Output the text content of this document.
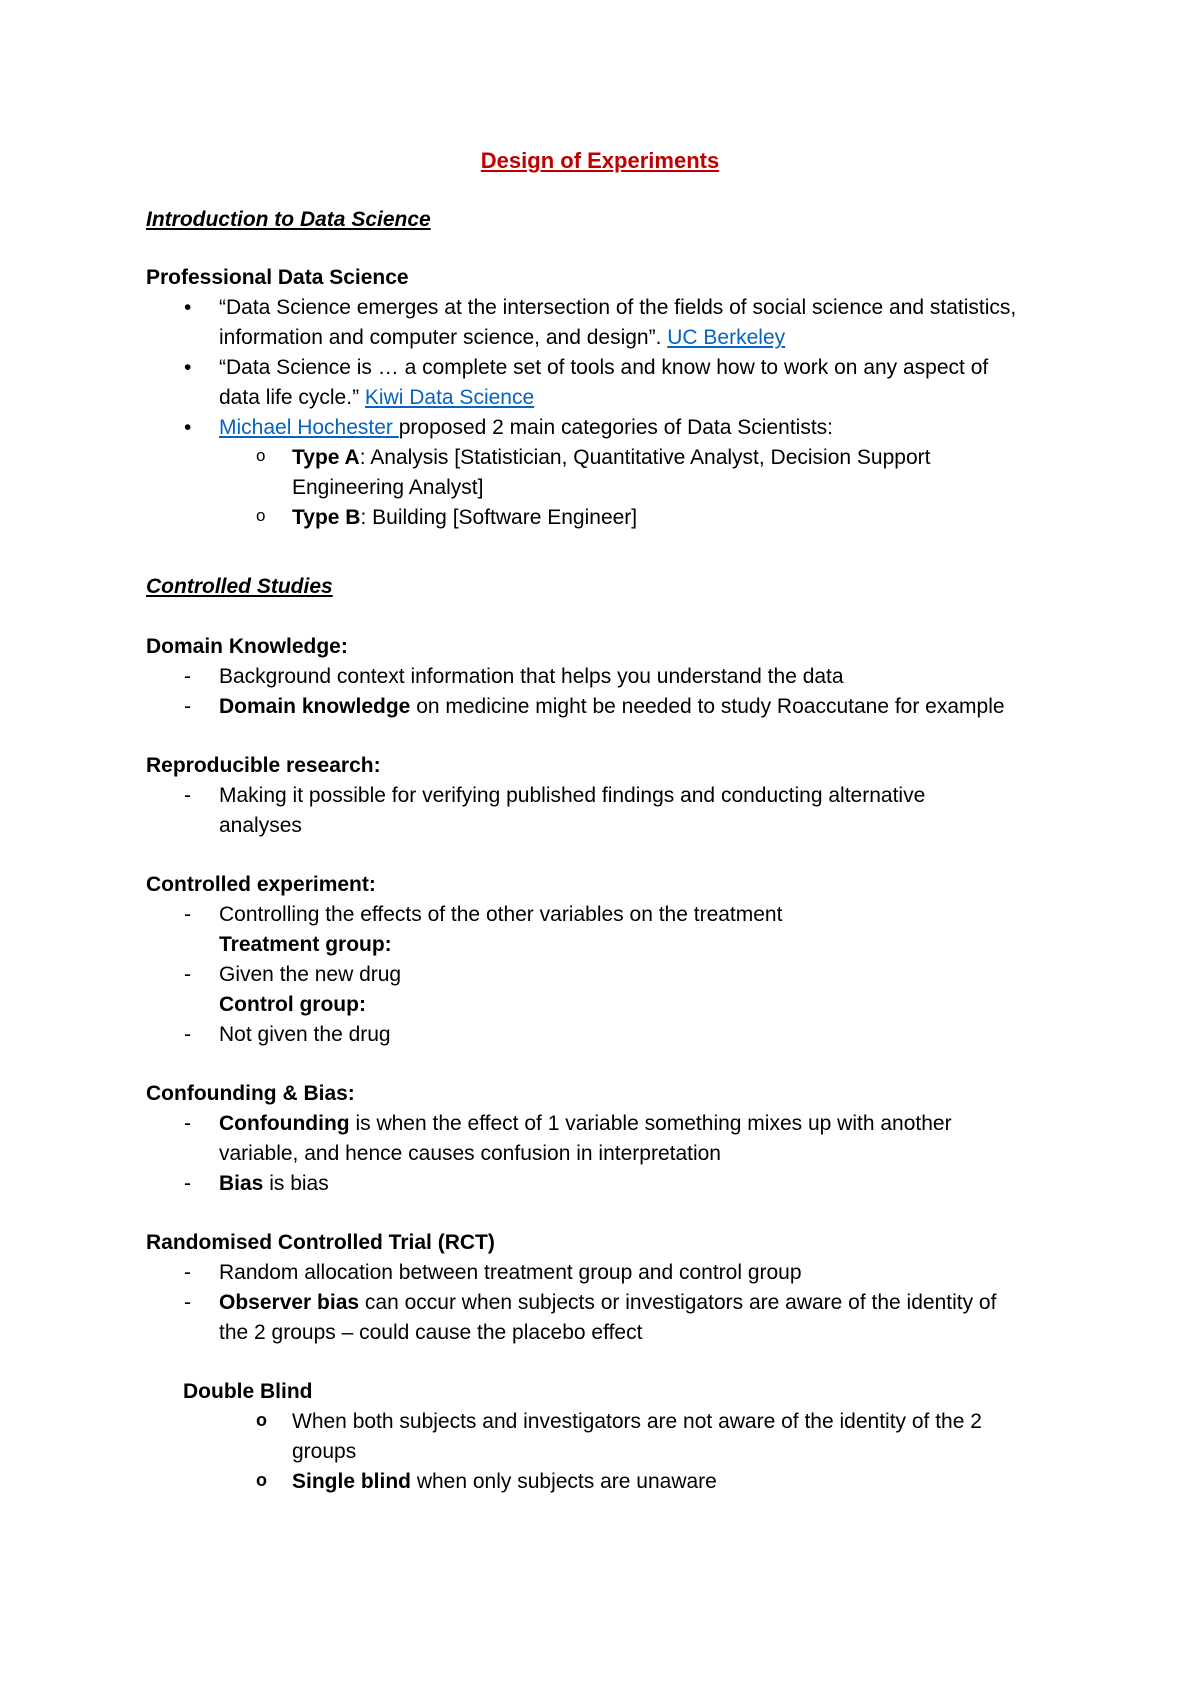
Design of Experiments
Introduction to Data Science
Professional Data Science
• “Data Science emerges at the intersection of the fields of social science and statistics,
information and computer science, and design”. UC Berkeley
• “Data Science is … a complete set of tools and know how to work on any aspect of
data life cycle.” Kiwi Data Science
• Michael Hochester proposed 2 main categories of Data Scientists:
o Type A: Analysis [Statistician, Quantitative Analyst, Decision Support
Engineering Analyst]
o Type B: Building [Software Engineer]
Controlled Studies
Domain Knowledge:
- Background context information that helps you understand the data
- Domain knowledge on medicine might be needed to study Roaccutane for example
Reproducible research:
- Making it possible for verifying published findings and conducting alternative
analyses
Controlled experiment:
- Controlling the effects of the other variables on the treatment
Treatment group:
- Given the new drug
Control group:
- Not given the drug
Confounding & Bias:
- Confounding is when the effect of 1 variable something mixes up with another
variable, and hence causes confusion in interpretation
- Bias is bias
Randomised Controlled Trial (RCT)
- Random allocation between treatment group and control group
- Observer bias can occur when subjects or investigators are aware of the identity of
the 2 groups – could cause the placebo effect
Double Blind
o When both subjects and investigators are not aware of the identity of the 2
groups
o Single blind when only subjects are unaware
